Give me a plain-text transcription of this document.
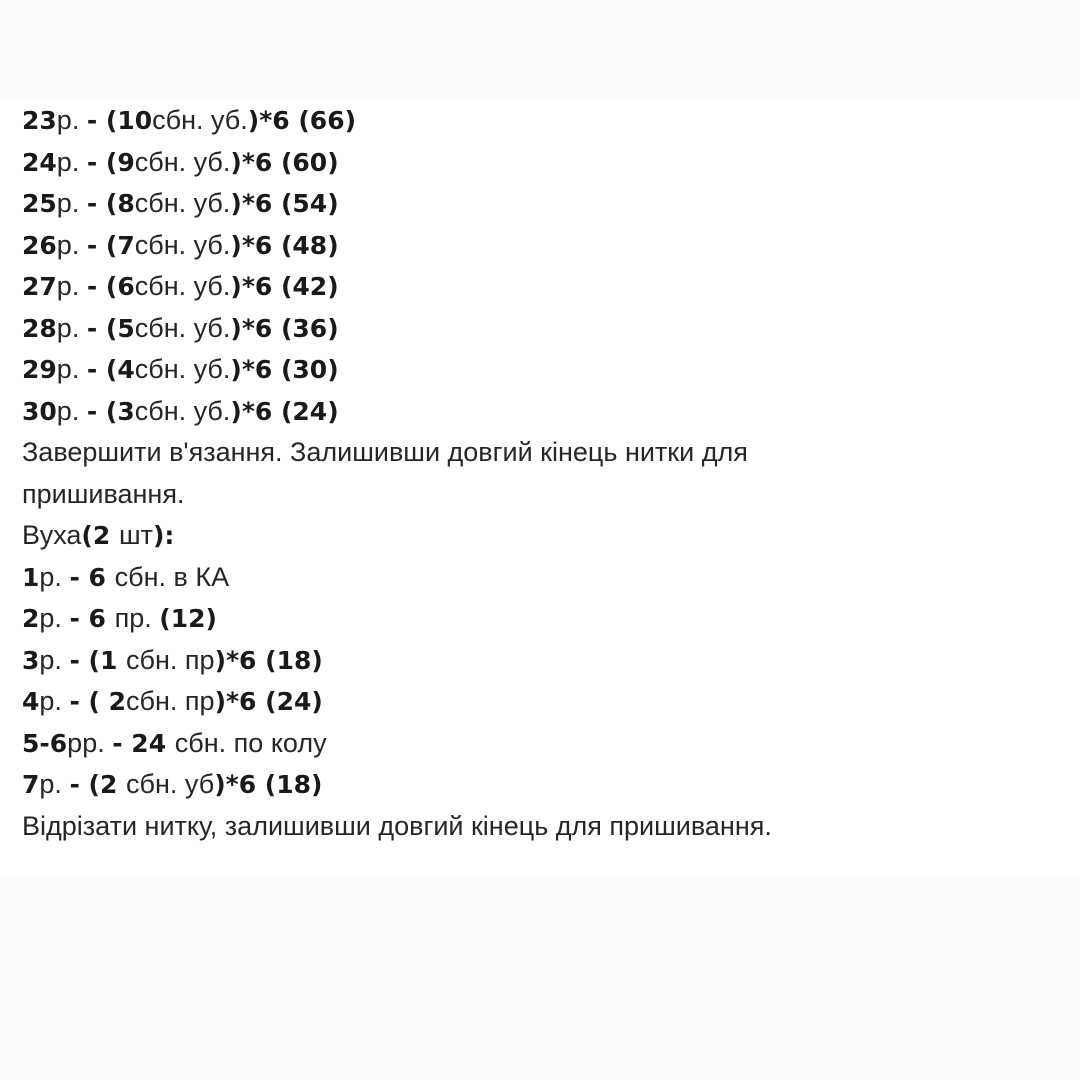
23р. - (10сбн. уб.)*6 (66)
24р. - (9сбн. уб.)*6 (60)
25р. - (8сбн. уб.)*6 (54)
26р. - (7сбн. уб.)*6 (48)
27р. - (6сбн. уб.)*6 (42)
28р. - (5сбн. уб.)*6 (36)
29р. - (4сбн. уб.)*6 (30)
30р. - (3сбн. уб.)*6 (24)
Завершити в'язання. Залишивши довгий кінець нитки для
пришивання.
Вуха(2 шт):
1р. - 6 сбн. в КА
2р. - 6 пр. (12)
3р. - (1 сбн. пр)*6 (18)
4р. - ( 2сбн. пр)*6 (24)
5-6рр. - 24 сбн. по колу
7р. - (2 сбн. уб)*6 (18)
Відрізати нитку, залишивши довгий кінець для пришивання.
